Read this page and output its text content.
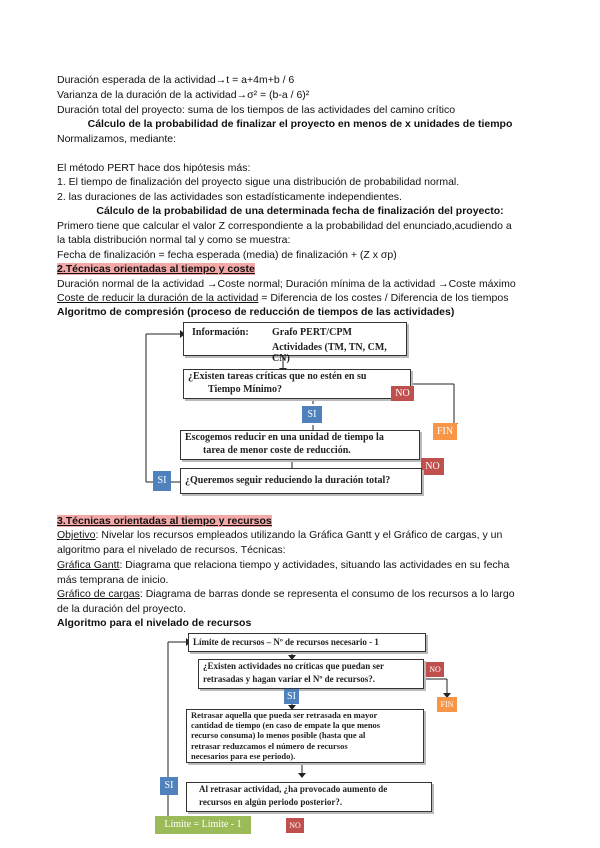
Duración esperada de la actividad→t = a+4m+b / 6
Varianza de la duración de la actividad→σ² = (b-a / 6)²
Duración total del proyecto: suma de los tiempos de las actividades del camino crítico
Cálculo de la probabilidad de finalizar el proyecto en menos de x unidades de tiempo
Normalizamos, mediante:
El método PERT hace dos hipótesis más:
1. El tiempo de finalización del proyecto sigue una distribución de probabilidad normal.
2. las duraciones de las actividades son estadísticamente independientes.
Cálculo de la probabilidad de una determinada fecha de finalización del proyecto:
Primero tiene que calcular el valor Z correspondiente a la probabilidad del enunciado,acudiendo a
la tabla distribución normal tal y como se muestra:
Fecha de finalización = fecha esperada (media) de finalización + (Z x σp)
2.Técnicas orientadas al tiempo y coste
Duración normal de la actividad →Coste normal; Duración mínima de la actividad →Coste máximo
Coste de reducir la duración de la actividad = Diferencia de los costes / Diferencia de los tiempos
Algoritmo de compresión (proceso de reducción de tiempos de las actividades)
Información: Grafo PERT/CPM
Actividades (TM, TN, CM, CN)
¿Existen tareas críticas que no estén en su
Tiempo Mínimo?	NO
SI
FIN
Escogemos reducir en una unidad de tiempo la
tarea de menor coste de reducción.
NO
¿Queremos seguir reduciendo la duración total?
SI
3.Técnicas orientadas al tiempo y recursos
Objetivo: Nivelar los recursos empleados utilizando la Gráfica Gantt y el Gráfico de cargas, y un
algoritmo para el nivelado de recursos. Técnicas:
Gráfica Gantt: Diagrama que relaciona tiempo y actividades, situando las actividades en su fecha
más temprana de inicio.
Gráfico de cargas: Diagrama de barras donde se representa el consumo de los recursos a lo largo
de la duración del proyecto.
Algoritmo para el nivelado de recursos
Límite de recursos – Nº de recursos necesario - 1
¿Existen actividades no críticas que puedan ser
retrasadas y hagan variar el Nº de recursos?.
NO
SI
FIN
Retrasar aquella que pueda ser retrasada en mayor
cantidad de tiempo (en caso de empate la que menos
recurso consuma) lo menos posible (hasta que al
retrasar reduzcamos el número de recursos
necesarios para ese periodo).
SI	Al retrasar actividad, ¿ha provocado aumento de
recursos en algún periodo posterior?.
Límite = Límite - 1	NO
